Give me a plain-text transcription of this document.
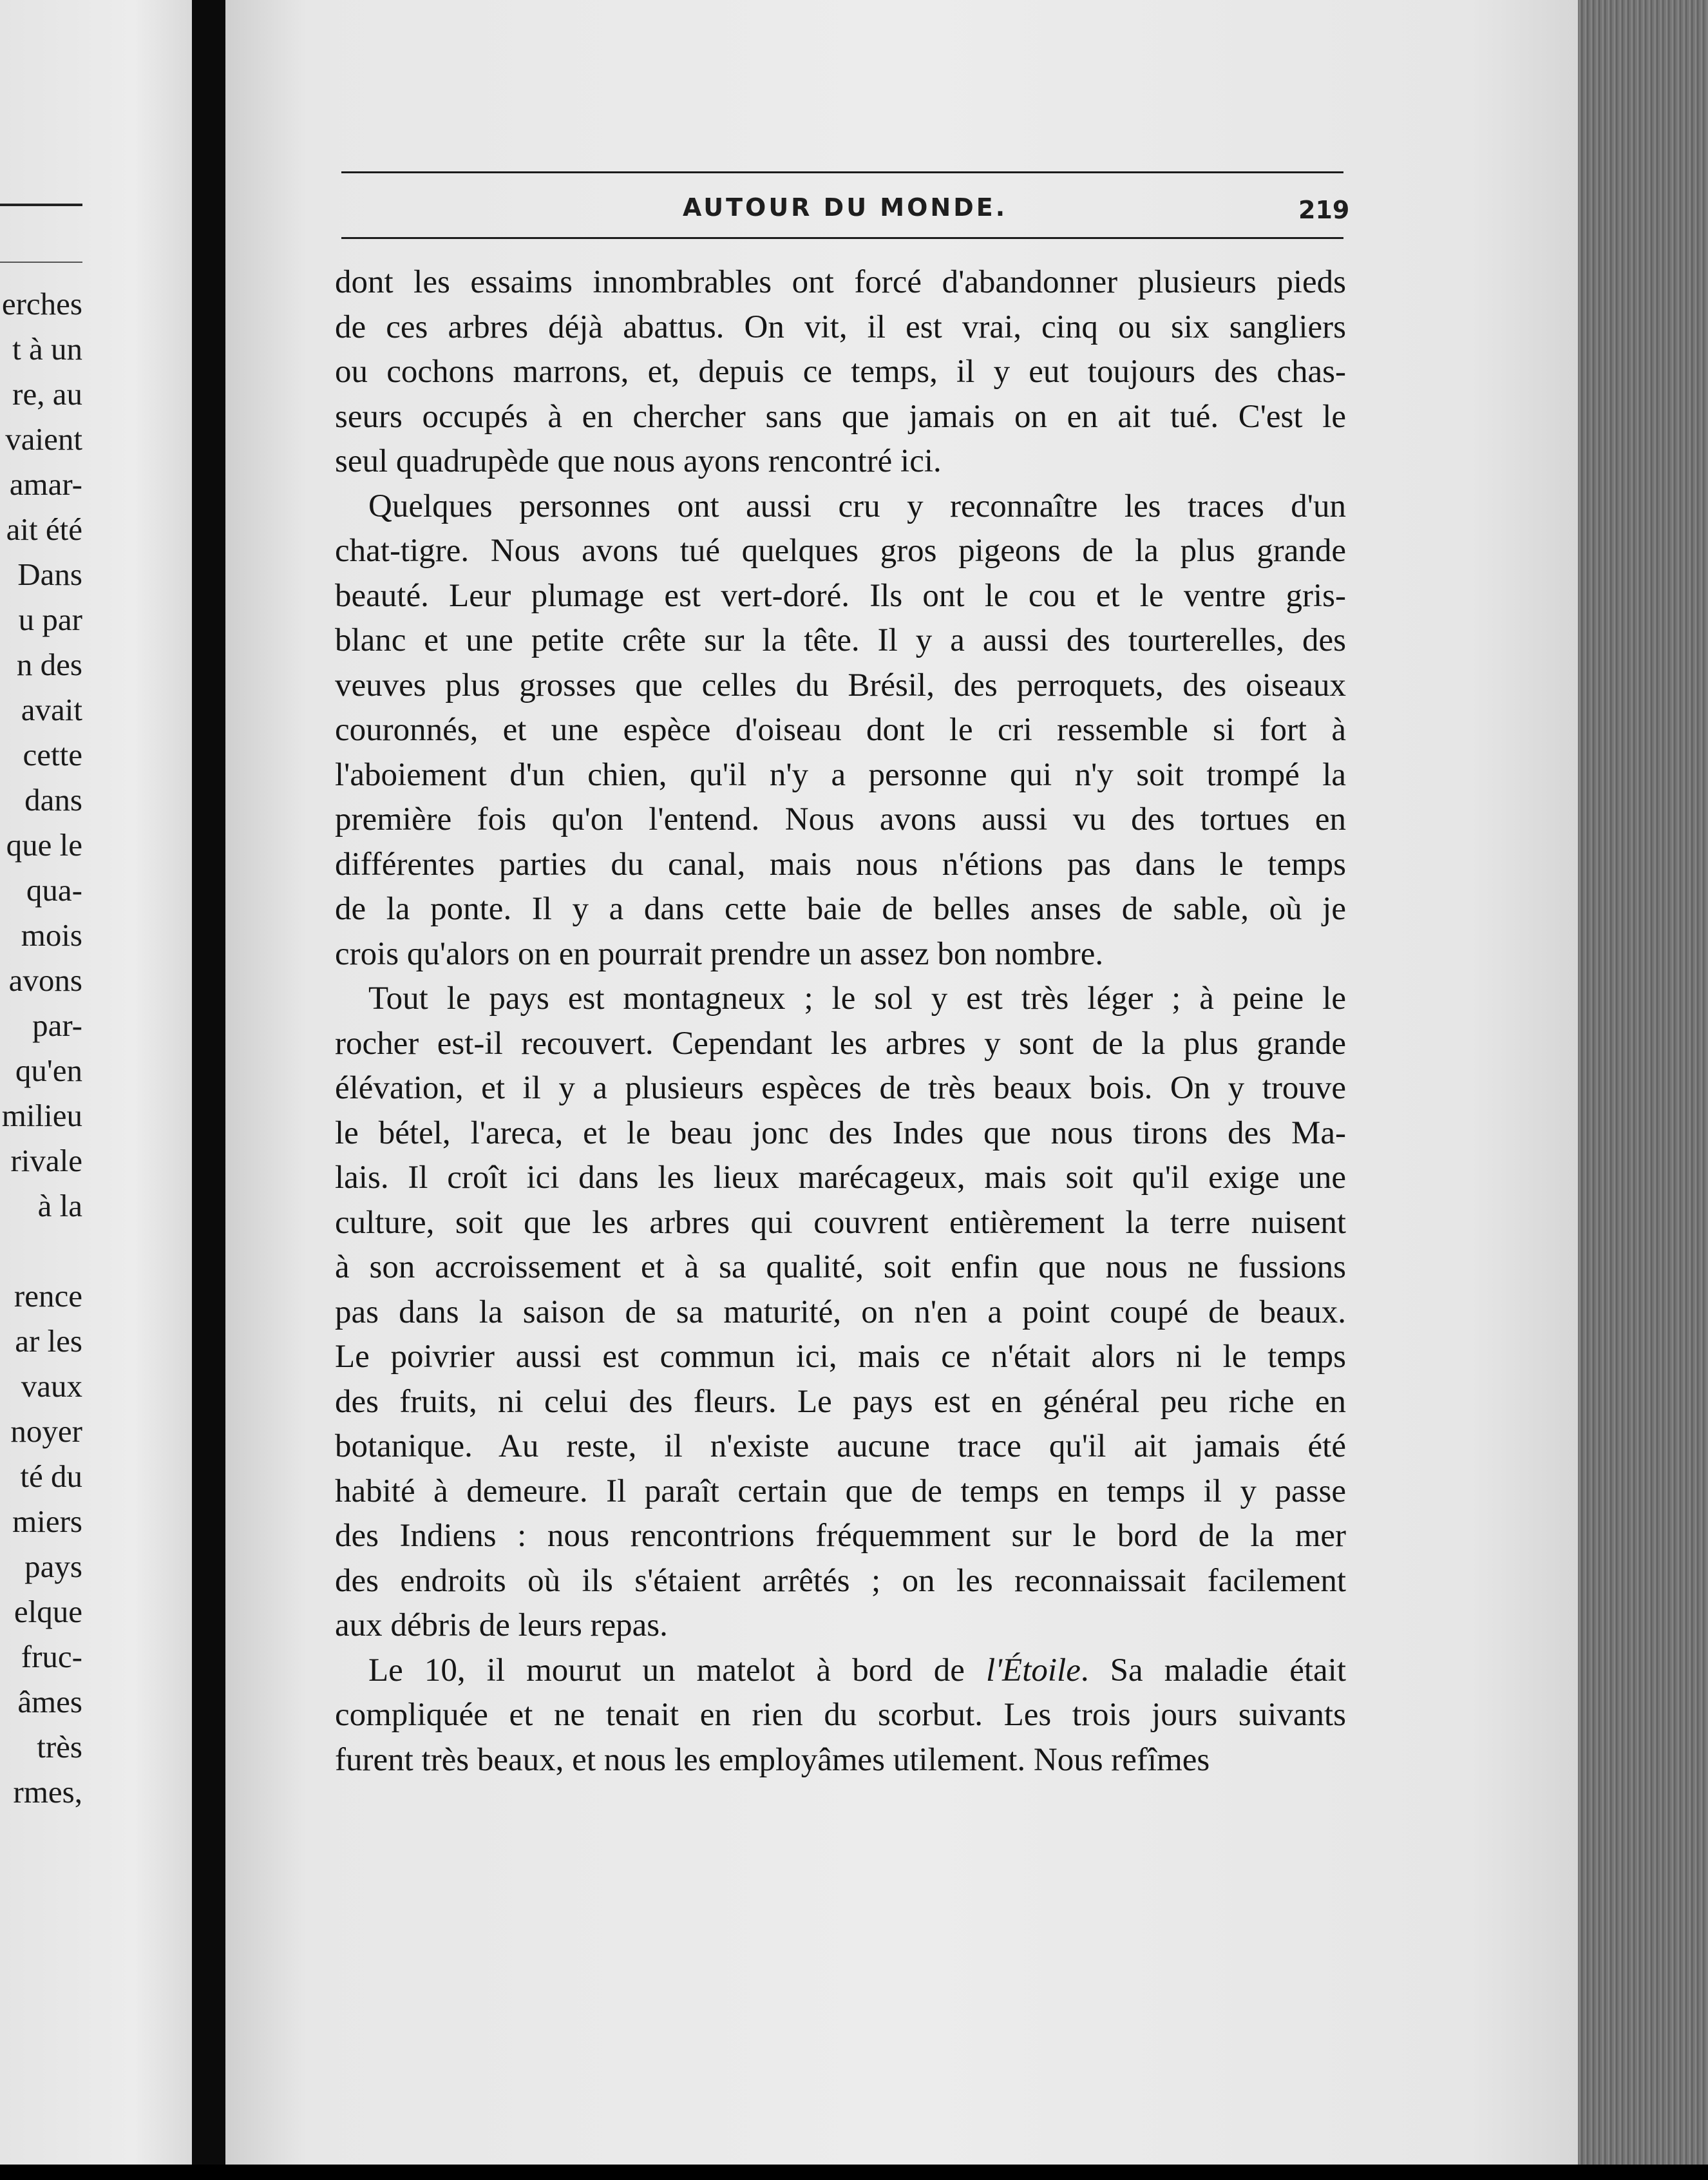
erches
t à un
re, au
vaient
amar-
ait été
Dans
u par
n des
avait
cette
dans
que le
qua-
mois
avons
par-
qu'en
milieu
rivale
à la
rence
ar les
vaux
noyer
té du
miers
pays
elque
fruc-
âmes
très
rmes,
AUTOUR DU MONDE.	219
dont les essaims innombrables ont forcé d'abandonner plusieurs pieds
de ces arbres déjà abattus. On vit, il est vrai, cinq ou six sangliers
ou cochons marrons, et, depuis ce temps, il y eut toujours des chas-
seurs occupés à en chercher sans que jamais on en ait tué. C'est le
seul quadrupède que nous ayons rencontré ici.
Quelques personnes ont aussi cru y reconnaître les traces d'un
chat-tigre. Nous avons tué quelques gros pigeons de la plus grande
beauté. Leur plumage est vert-doré. Ils ont le cou et le ventre gris-
blanc et une petite crête sur la tête. Il y a aussi des tourterelles, des
veuves plus grosses que celles du Brésil, des perroquets, des oiseaux
couronnés, et une espèce d'oiseau dont le cri ressemble si fort à
l'aboiement d'un chien, qu'il n'y a personne qui n'y soit trompé la
première fois qu'on l'entend. Nous avons aussi vu des tortues en
différentes parties du canal, mais nous n'étions pas dans le temps
de la ponte. Il y a dans cette baie de belles anses de sable, où je
crois qu'alors on en pourrait prendre un assez bon nombre.
Tout le pays est montagneux ; le sol y est très léger ; à peine le
rocher est-il recouvert. Cependant les arbres y sont de la plus grande
élévation, et il y a plusieurs espèces de très beaux bois. On y trouve
le bétel, l'areca, et le beau jonc des Indes que nous tirons des Ma-
lais. Il croît ici dans les lieux marécageux, mais soit qu'il exige une
culture, soit que les arbres qui couvrent entièrement la terre nuisent
à son accroissement et à sa qualité, soit enfin que nous ne fussions
pas dans la saison de sa maturité, on n'en a point coupé de beaux.
Le poivrier aussi est commun ici, mais ce n'était alors ni le temps
des fruits, ni celui des fleurs. Le pays est en général peu riche en
botanique. Au reste, il n'existe aucune trace qu'il ait jamais été
habité à demeure. Il paraît certain que de temps en temps il y passe
des Indiens : nous rencontrions fréquemment sur le bord de la mer
des endroits où ils s'étaient arrêtés ; on les reconnaissait facilement
aux débris de leurs repas.
Le 10, il mourut un matelot à bord de l'Étoile. Sa maladie était
compliquée et ne tenait en rien du scorbut. Les trois jours suivants
furent très beaux, et nous les employâmes utilement. Nous refîmes
